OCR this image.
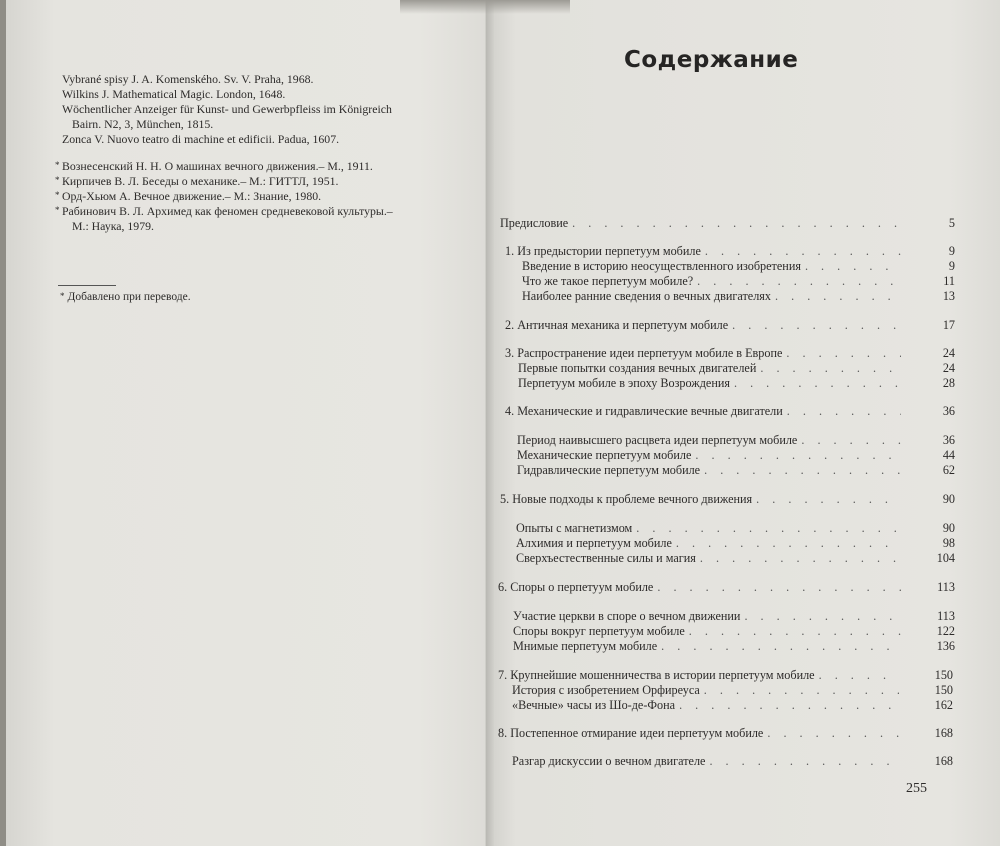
Vybrané spisy J. A. Komenského. Sv. V. Praha, 1968.
Wilkins J. Mathematical Magic. London, 1648.
Wöchentlicher Anzeiger für Kunst- und Gewerbpfleiss im Königreich
Bairn. N2, 3, München, 1815.
Zonca V. Nuovo teatro di machine et edificii. Padua, 1607.
* Вознесенский Н. Н. О машинах вечного движения.– М., 1911.
* Кирпичев В. Л. Беседы о механике.– М.: ГИТТЛ, 1951.
* Орд-Хьюм А. Вечное движение.– М.: Знание, 1980.
* Рабинович В. Л. Архимед как феномен средневековой культуры.–
М.: Наука, 1979.
* Добавлено при переводе.
Содержание
Предисловие . . .	5
1. Из предыстории перпетуум мобиле . . .	9
Введение в историю неосуществленного изобретения . . .	9
Что же такое перпетуум мобиле? . . .	11
Наиболее ранние сведения о вечных двигателях . . .	13
2. Античная механика и перпетуум мобиле . . .	17
3. Распространение идеи перпетуум мобиле в Европе . . .	24
Первые попытки создания вечных двигателей . . .	24
Перпетуум мобиле в эпоху Возрождения . . .	28
4. Механические и гидравлические вечные двигатели . . .	36
Период наивысшего расцвета идеи перпетуум мобиле . . .	36
Механические перпетуум мобиле . . .	44
Гидравлические перпетуум мобиле . . .	62
5. Новые подходы к проблеме вечного движения . . .	90
Опыты с магнетизмом . . .	90
Алхимия и перпетуум мобиле . . .	98
Сверхъестественные силы и магия . . .	104
6. Споры о перпетуум мобиле . . .	113
Участие церкви в споре о вечном движении . . .	113
Споры вокруг перпетуум мобиле . . .	122
Мнимые перпетуум мобиле . . .	136
7. Крупнейшие мошенничества в истории перпетуум мобиле . . .	150
История с изобретением Орфиреуса . . .	150
«Вечные» часы из Шо-де-Фона . . .	162
8. Постепенное отмирание идеи перпетуум мобиле . . .	168
Разгар дискуссии о вечном двигателе . . .	168
255
